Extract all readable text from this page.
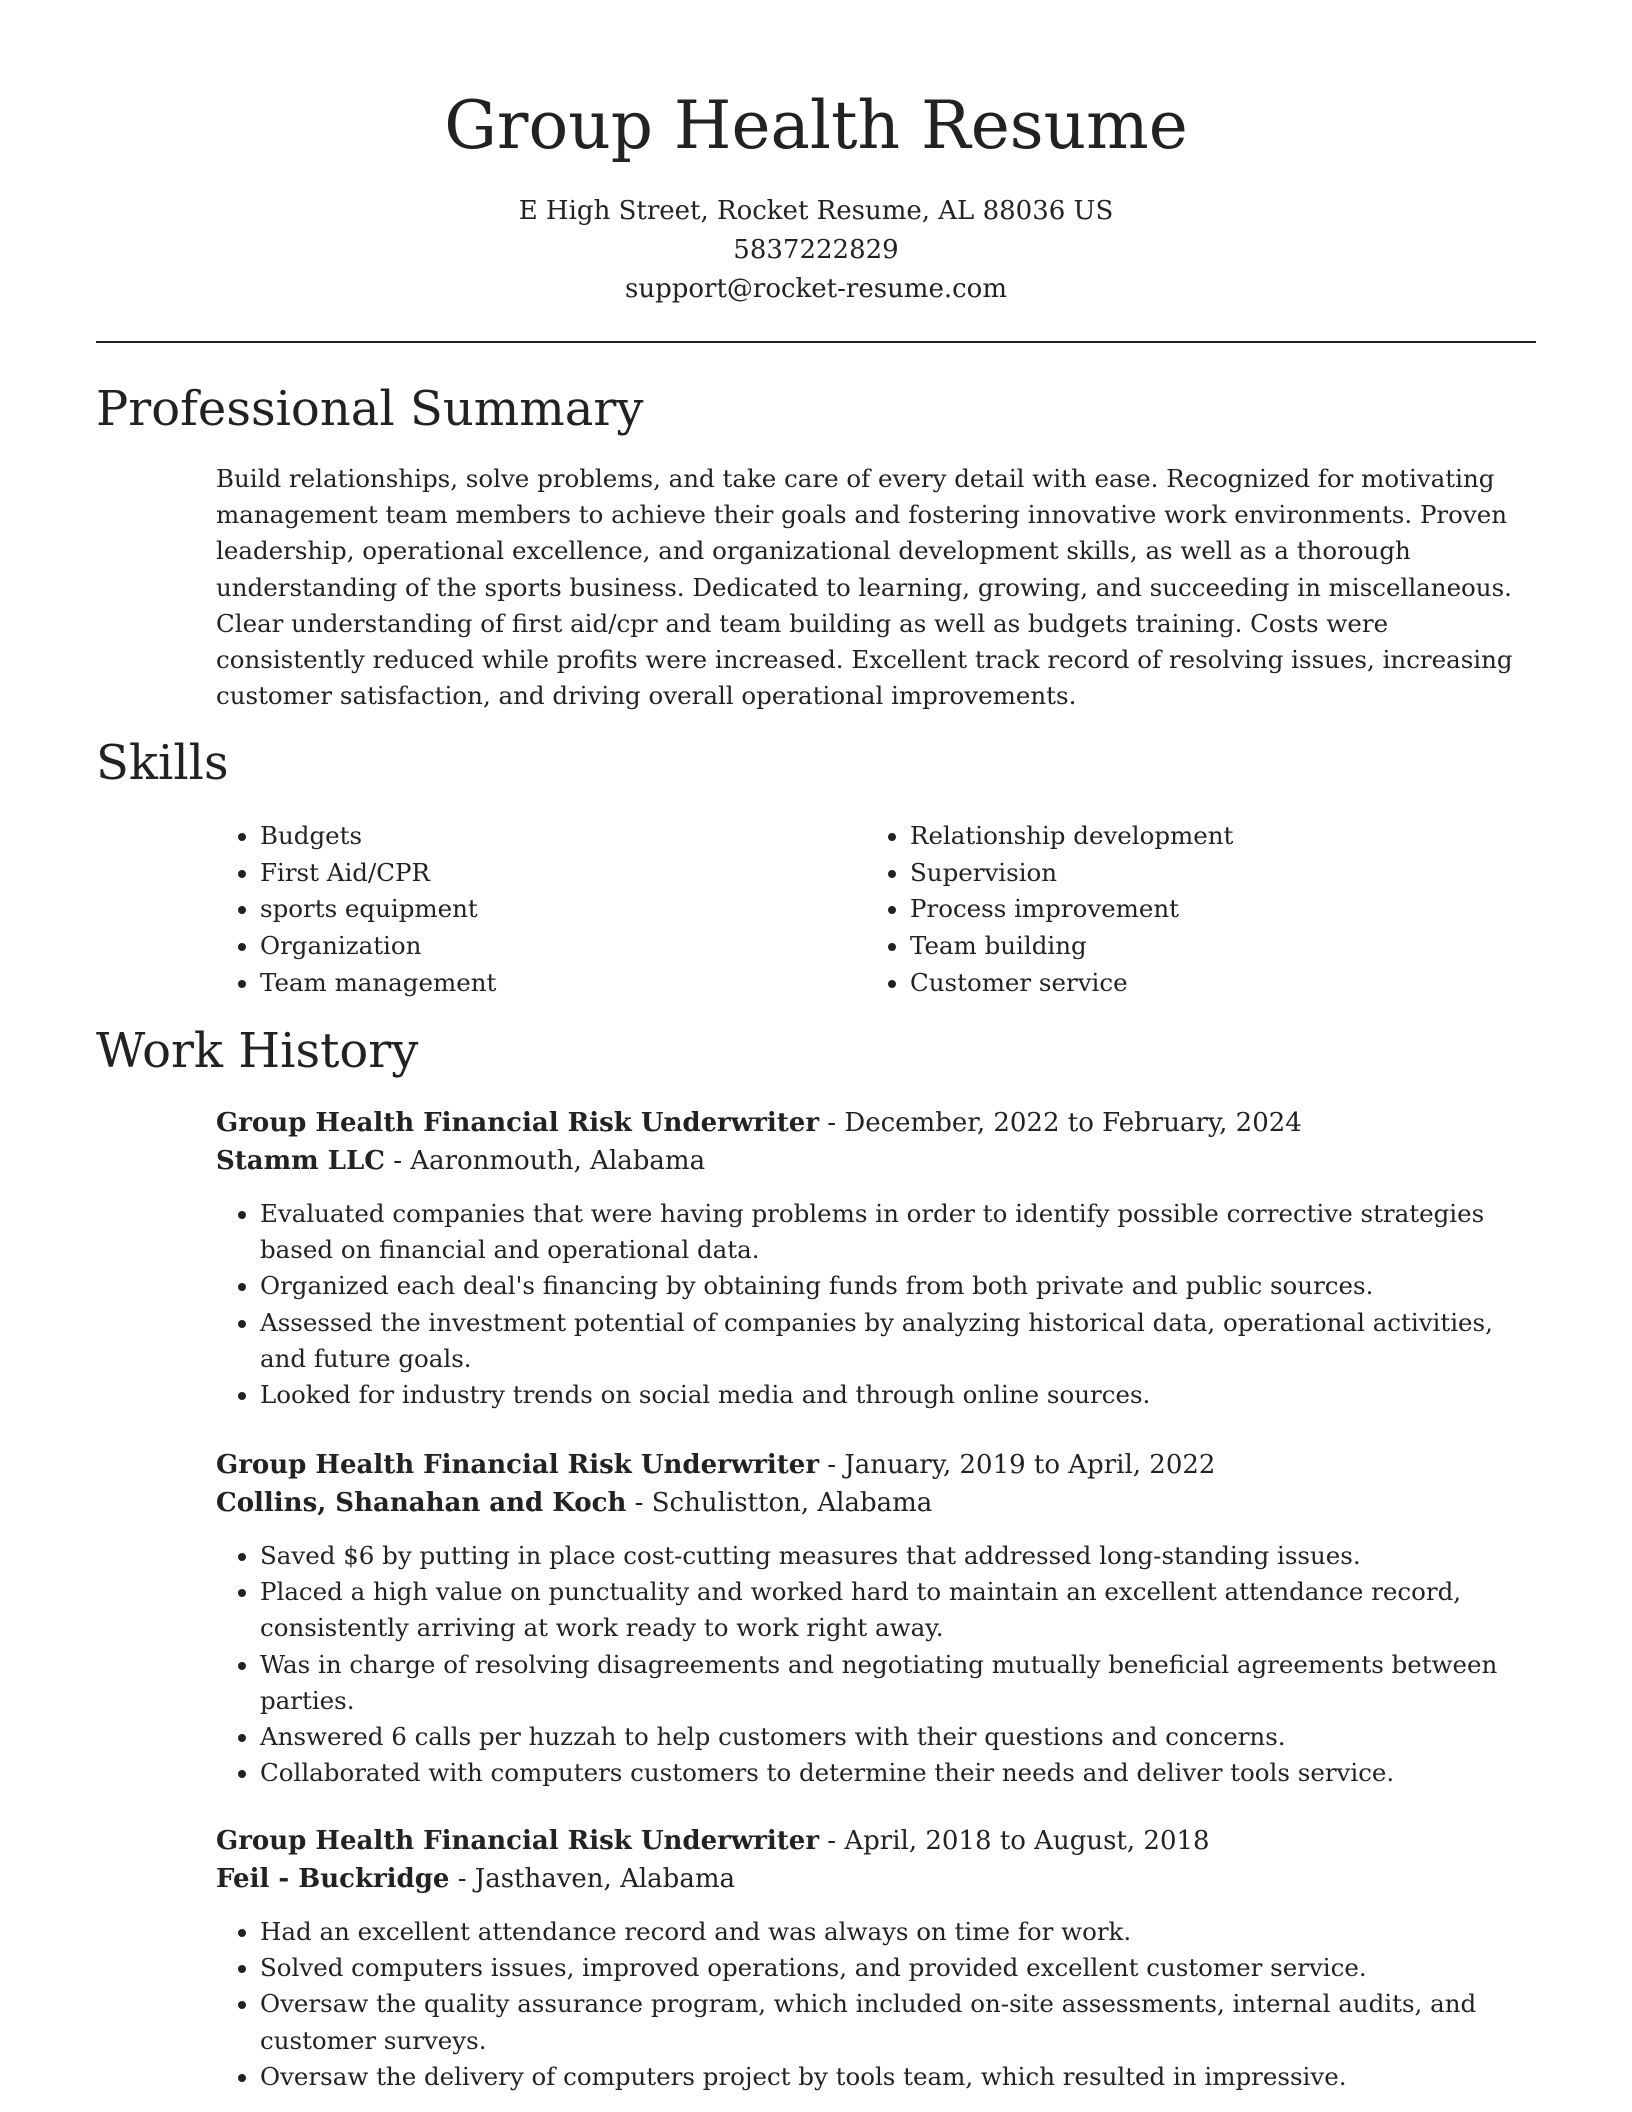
Group Health Resume
E High Street, Rocket Resume, AL 88036 US
5837222829
support@rocket-resume.com
Professional Summary

Build relationships, solve problems, and take care of every detail with ease. Recognized for motivating management team members to achieve their goals and fostering innovative work environments. Proven leadership, operational excellence, and organizational development skills, as well as a thorough understanding of the sports business. Dedicated to learning, growing, and succeeding in miscellaneous. Clear understanding of first aid/cpr and team building as well as budgets training. Costs were consistently reduced while profits were increased. Excellent track record of resolving issues, increasing customer satisfaction, and driving overall operational improvements.

Skills
• Budgets
• First Aid/CPR
• sports equipment
• Organization
• Team management
• Relationship development
• Supervision
• Process improvement
• Team building
• Customer service
Work History
Group Health Financial Risk Underwriter - December, 2022 to February, 2024
Stamm LLC - Aaronmouth, Alabama
• Evaluated companies that were having problems in order to identify possible corrective strategies based on financial and operational data.
• Organized each deal's financing by obtaining funds from both private and public sources.
• Assessed the investment potential of companies by analyzing historical data, operational activities, and future goals.
• Looked for industry trends on social media and through online sources.
Group Health Financial Risk Underwriter - January, 2019 to April, 2022
Collins, Shanahan and Koch - Schulistton, Alabama
• Saved $6 by putting in place cost-cutting measures that addressed long-standing issues.
• Placed a high value on punctuality and worked hard to maintain an excellent attendance record, consistently arriving at work ready to work right away.
• Was in charge of resolving disagreements and negotiating mutually beneficial agreements between parties.
• Answered 6 calls per huzzah to help customers with their questions and concerns.
• Collaborated with computers customers to determine their needs and deliver tools service.
Group Health Financial Risk Underwriter - April, 2018 to August, 2018
Feil - Buckridge - Jasthaven, Alabama
• Had an excellent attendance record and was always on time for work.
• Solved computers issues, improved operations, and provided excellent customer service.
• Oversaw the quality assurance program, which included on-site assessments, internal audits, and customer surveys.
• Oversaw the delivery of computers project by tools team, which resulted in impressive.
